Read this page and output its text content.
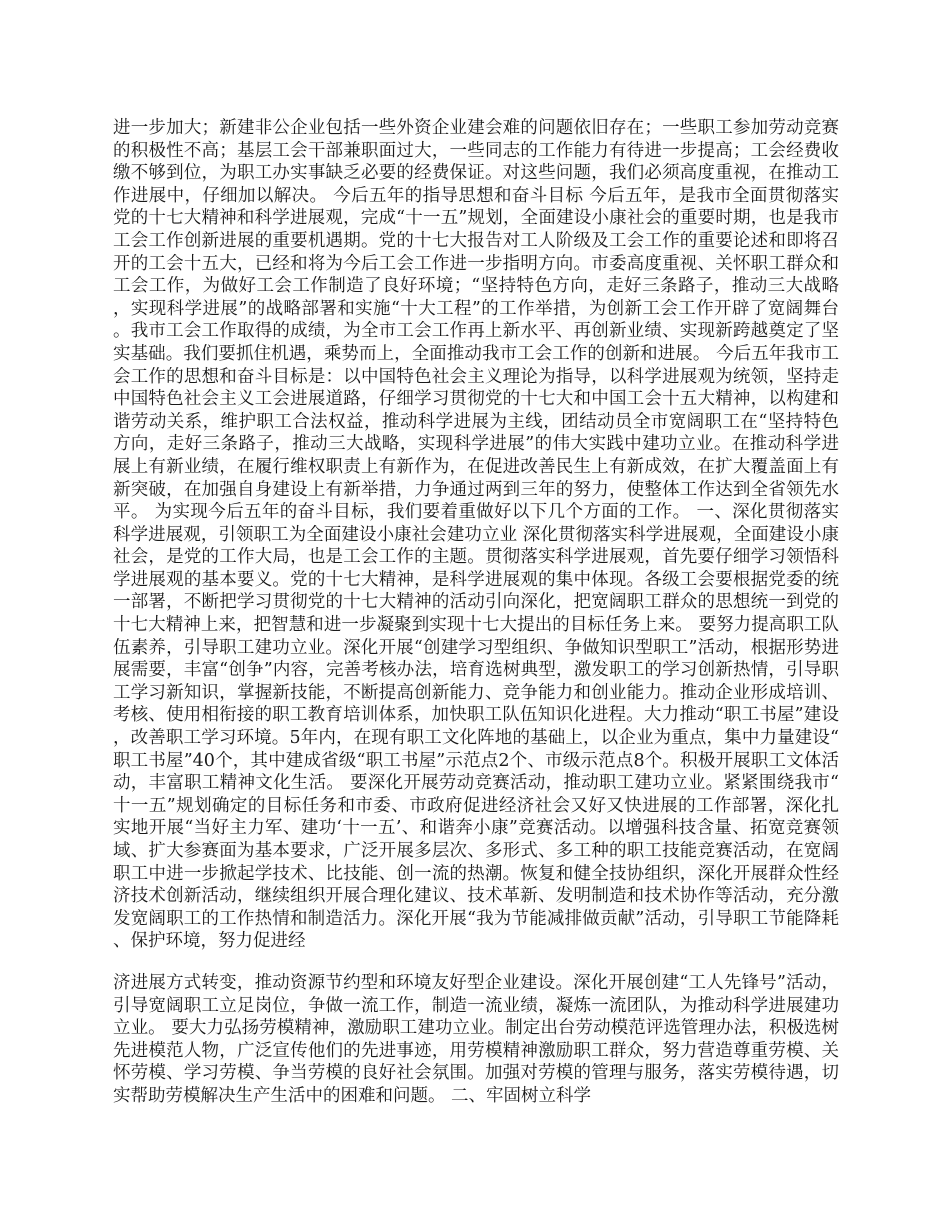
进一步加大；新建非公企业包括一些外资企业建会难的问题依旧存在；一些职工参加劳动竞赛的积极性不高；基层工会干部兼职面过大，一些同志的工作能力有待进一步提高；工会经费收缴不够到位，为职工办实事缺乏必要的经费保证。对这些问题，我们必须高度重视，在推动工作进展中，仔细加以解决。 今后五年的指导思想和奋斗目标 今后五年，是我市全面贯彻落实党的十七大精神和科学进展观，完成“十一五”规划，全面建设小康社会的重要时期，也是我市工会工作创新进展的重要机遇期。党的十七大报告对工人阶级及工会工作的重要论述和即将召开的工会十五大，已经和将为今后工会工作进一步指明方向。市委高度重视、关怀职工群众和工会工作，为做好工会工作制造了良好环境；“坚持特色方向，走好三条路子，推动三大战略，实现科学进展”的战略部署和实施“十大工程”的工作举措，为创新工会工作开辟了宽阔舞台。我市工会工作取得的成绩，为全市工会工作再上新水平、再创新业绩、实现新跨越奠定了坚实基础。我们要抓住机遇，乘势而上，全面推动我市工会工作的创新和进展。 今后五年我市工会工作的思想和奋斗目标是：以中国特色社会主义理论为指导，以科学进展观为统领，坚持走中国特色社会主义工会进展道路，仔细学习贯彻党的十七大和中国工会十五大精神，以构建和谐劳动关系，维护职工合法权益，推动科学进展为主线，团结动员全市宽阔职工在“坚持特色方向，走好三条路子，推动三大战略，实现科学进展”的伟大实践中建功立业。在推动科学进展上有新业绩，在履行维权职责上有新作为，在促进改善民生上有新成效，在扩大覆盖面上有新突破，在加强自身建设上有新举措，力争通过两到三年的努力，使整体工作达到全省领先水平。 为实现今后五年的奋斗目标，我们要着重做好以下几个方面的工作。 一、深化贯彻落实科学进展观，引领职工为全面建设小康社会建功立业 深化贯彻落实科学进展观，全面建设小康社会，是党的工作大局，也是工会工作的主题。贯彻落实科学进展观，首先要仔细学习领悟科学进展观的基本要义。党的十七大精神，是科学进展观的集中体现。各级工会要根据党委的统一部署，不断把学习贯彻党的十七大精神的活动引向深化，把宽阔职工群众的思想统一到党的十七大精神上来，把智慧和进一步凝聚到实现十七大提出的目标任务上来。 要努力提高职工队伍素养，引导职工建功立业。深化开展“创建学习型组织、争做知识型职工”活动，根据形势进展需要，丰富“创争”内容，完善考核办法，培育选树典型，激发职工的学习创新热情，引导职工学习新知识，掌握新技能，不断提高创新能力、竞争能力和创业能力。推动企业形成培训、考核、使用相衔接的职工教育培训体系，加快职工队伍知识化进程。大力推动“职工书屋”建设，改善职工学习环境。5年内，在现有职工文化阵地的基础上，以企业为重点，集中力量建设“职工书屋”40个，其中建成省级“职工书屋”示范点2个、市级示范点8个。积极开展职工文体活动，丰富职工精神文化生活。 要深化开展劳动竞赛活动，推动职工建功立业。紧紧围绕我市“十一五”规划确定的目标任务和市委、市政府促进经济社会又好又快进展的工作部署，深化扎实地开展“当好主力军、建功‘十一五’、和谐奔小康”竞赛活动。以增强科技含量、拓宽竞赛领域、扩大参赛面为基本要求，广泛开展多层次、多形式、多工种的职工技能竞赛活动，在宽阔职工中进一步掀起学技术、比技能、创一流的热潮。恢复和健全技协组织，深化开展群众性经济技术创新活动，继续组织开展合理化建议、技术革新、发明制造和技术协作等活动，充分激发宽阔职工的工作热情和制造活力。深化开展“我为节能减排做贡献”活动，引导职工节能降耗、保护环境，努力促进经

济进展方式转变，推动资源节约型和环境友好型企业建设。深化开展创建“工人先锋号”活动，引导宽阔职工立足岗位，争做一流工作，制造一流业绩，凝炼一流团队，为推动科学进展建功立业。 要大力弘扬劳模精神，激励职工建功立业。制定出台劳动模范评选管理办法，积极选树先进模范人物，广泛宣传他们的先进事迹，用劳模精神激励职工群众，努力营造尊重劳模、关怀劳模、学习劳模、争当劳模的良好社会氛围。加强对劳模的管理与服务，落实劳模待遇，切实帮助劳模解决生产生活中的困难和问题。 二、牢固树立科学
